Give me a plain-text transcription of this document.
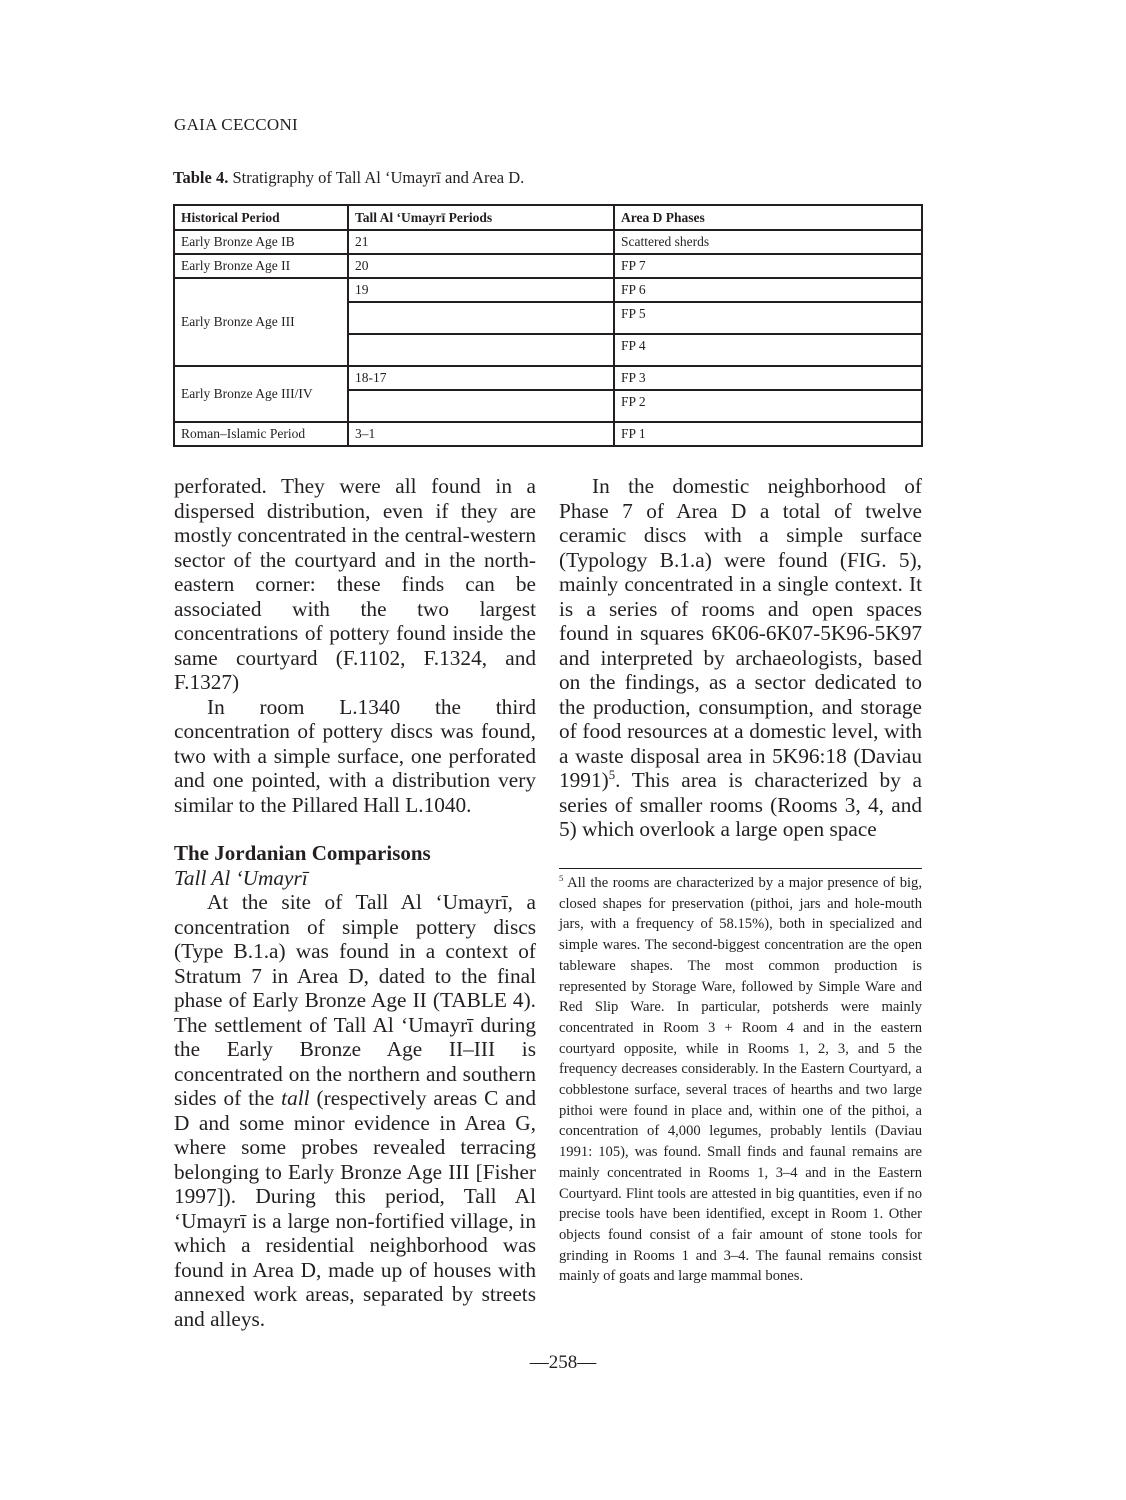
GAIA CECCONI
Table 4. Stratigraphy of Tall Al ‘Umayrī and Area D.
Historical Period	Tall Al ‘Umayrī Periods	Area D Phases
Early Bronze Age IB	21	Scattered sherds
Early Bronze Age II	20	FP 7
Early Bronze Age III	19	FP 6
		FP 5
		FP 4
Early Bronze Age III/IV	18-17	FP 3
		FP 2
Roman–Islamic Period	3–1	FP 1

perforated. They were all found in a dispersed distribution, even if they are mostly concentrated in the central-western sector of the courtyard and in the north-eastern corner: these finds can be associated with the two largest concentrations of pottery found inside the same courtyard (F.1102, F.1324, and F.1327)

In room L.1340 the third concentration of pottery discs was found, two with a simple surface, one perforated and one pointed, with a distribution very similar to the Pillared Hall L.1040.

The Jordanian Comparisons

Tall Al ‘Umayrī

At the site of Tall Al ‘Umayrī, a concentration of simple pottery discs (Type B.1.a) was found in a context of Stratum 7 in Area D, dated to the final phase of Early Bronze Age II (TABLE 4). The settlement of Tall Al ‘Umayrī during the Early Bronze Age II–III is concentrated on the northern and southern sides of the tall (respectively areas C and D and some minor evidence in Area G, where some probes revealed terracing belonging to Early Bronze Age III [Fisher 1997]). During this period, Tall Al ‘Umayrī is a large non-fortified village, in which a residential neighborhood was found in Area D, made up of houses with annexed work areas, separated by streets and alleys.

In the domestic neighborhood of Phase 7 of Area D a total of twelve ceramic discs with a simple surface (Typology B.1.a) were found (FIG. 5), mainly concentrated in a single context. It is a series of rooms and open spaces found in squares 6K06-6K07-5K96-5K97 and interpreted by archaeologists, based on the findings, as a sector dedicated to the production, consumption, and storage of food resources at a domestic level, with a waste disposal area in 5K96:18 (Daviau 1991)$^5$. This area is characterized by a series of smaller rooms (Rooms 3, 4, and 5) which overlook a large open space

$^5$ All the rooms are characterized by a major presence of big, closed shapes for preservation (pithoi, jars and hole-mouth jars, with a frequency of 58.15%), both in specialized and simple wares. The second-biggest concentration are the open tableware shapes. The most common production is represented by Storage Ware, followed by Simple Ware and Red Slip Ware. In particular, potsherds were mainly concentrated in Room 3 + Room 4 and in the eastern courtyard opposite, while in Rooms 1, 2, 3, and 5 the frequency decreases considerably. In the Eastern Courtyard, a cobblestone surface, several traces of hearths and two large pithoi were found in place and, within one of the pithoi, a concentration of 4,000 legumes, probably lentils (Daviau 1991: 105), was found. Small finds and faunal remains are mainly concentrated in Rooms 1, 3–4 and in the Eastern Courtyard. Flint tools are attested in big quantities, even if no precise tools have been identified, except in Room 1. Other objects found consist of a fair amount of stone tools for grinding in Rooms 1 and 3–4. The faunal remains consist mainly of goats and large mammal bones.
—258—
